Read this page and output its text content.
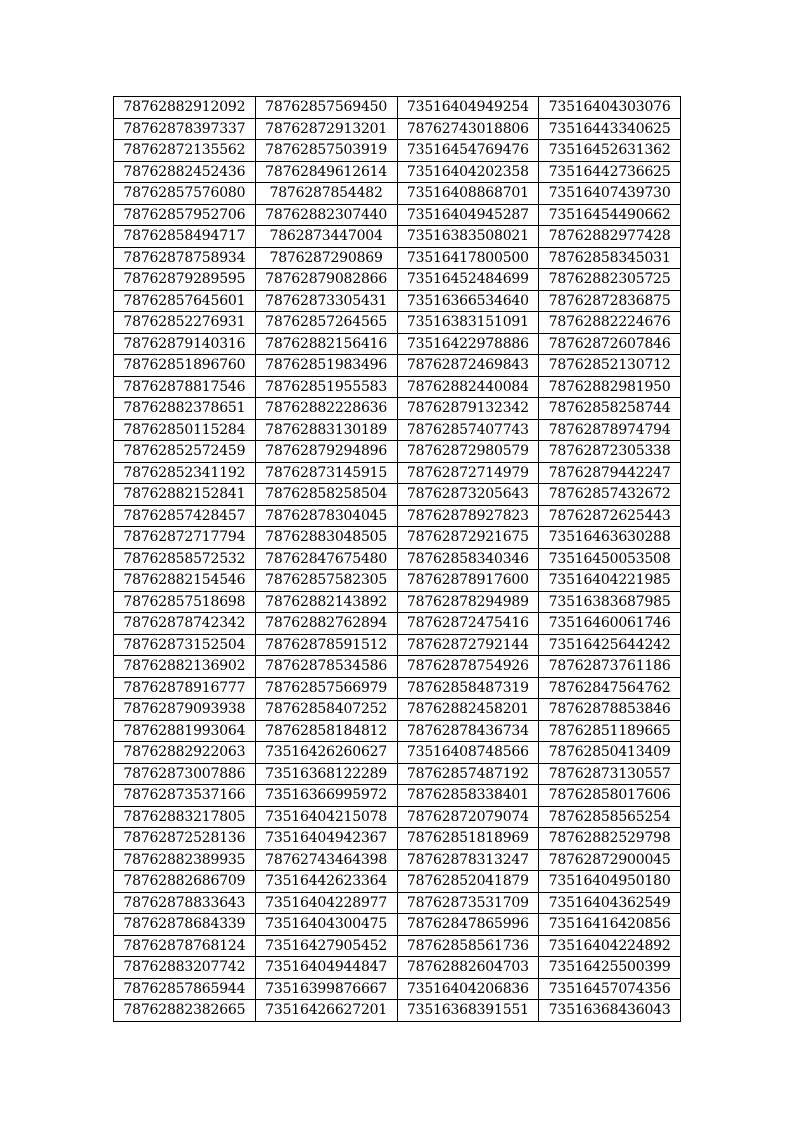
78762882912092	78762857569450	73516404949254	73516404303076
78762878397337	78762872913201	78762743018806	73516443340625
78762872135562	78762857503919	73516454769476	73516452631362
78762882452436	78762849612614	73516404202358	73516442736625
78762857576080	7876287854482	73516408868701	73516407439730
78762857952706	78762882307440	73516404945287	73516454490662
78762858494717	7862873447004	73516383508021	78762882977428
78762878758934	7876287290869	73516417800500	78762858345031
78762879289595	78762879082866	73516452484699	78762882305725
78762857645601	78762873305431	73516366534640	78762872836875
78762852276931	78762857264565	73516383151091	78762882224676
78762879140316	78762882156416	73516422978886	78762872607846
78762851896760	78762851983496	78762872469843	78762852130712
78762878817546	78762851955583	78762882440084	78762882981950
78762882378651	78762882228636	78762879132342	78762858258744
78762850115284	78762883130189	78762857407743	78762878974794
78762852572459	78762879294896	78762872980579	78762872305338
78762852341192	78762873145915	78762872714979	78762879442247
78762882152841	78762858258504	78762873205643	78762857432672
78762857428457	78762878304045	78762878927823	78762872625443
78762872717794	78762883048505	78762872921675	73516463630288
78762858572532	78762847675480	78762858340346	73516450053508
78762882154546	78762857582305	78762878917600	73516404221985
78762857518698	78762882143892	78762878294989	73516383687985
78762878742342	78762882762894	78762872475416	73516460061746
78762873152504	78762878591512	78762872792144	73516425644242
78762882136902	78762878534586	78762878754926	78762873761186
78762878916777	78762857566979	78762858487319	78762847564762
78762879093938	78762858407252	78762882458201	78762878853846
78762881993064	78762858184812	78762878436734	78762851189665
78762882922063	73516426260627	73516408748566	78762850413409
78762873007886	73516368122289	78762857487192	78762873130557
78762873537166	73516366995972	78762858338401	78762858017606
78762883217805	73516404215078	78762872079074	78762858565254
78762872528136	73516404942367	78762851818969	78762882529798
78762882389935	78762743464398	78762878313247	78762872900045
78762882686709	73516442623364	78762852041879	73516404950180
78762878833643	73516404228977	78762873531709	73516404362549
78762878684339	73516404300475	78762847865996	73516416420856
78762878768124	73516427905452	78762858561736	73516404224892
78762883207742	73516404944847	78762882604703	73516425500399
78762857865944	73516399876667	73516404206836	73516457074356
78762882382665	73516426627201	73516368391551	73516368436043
